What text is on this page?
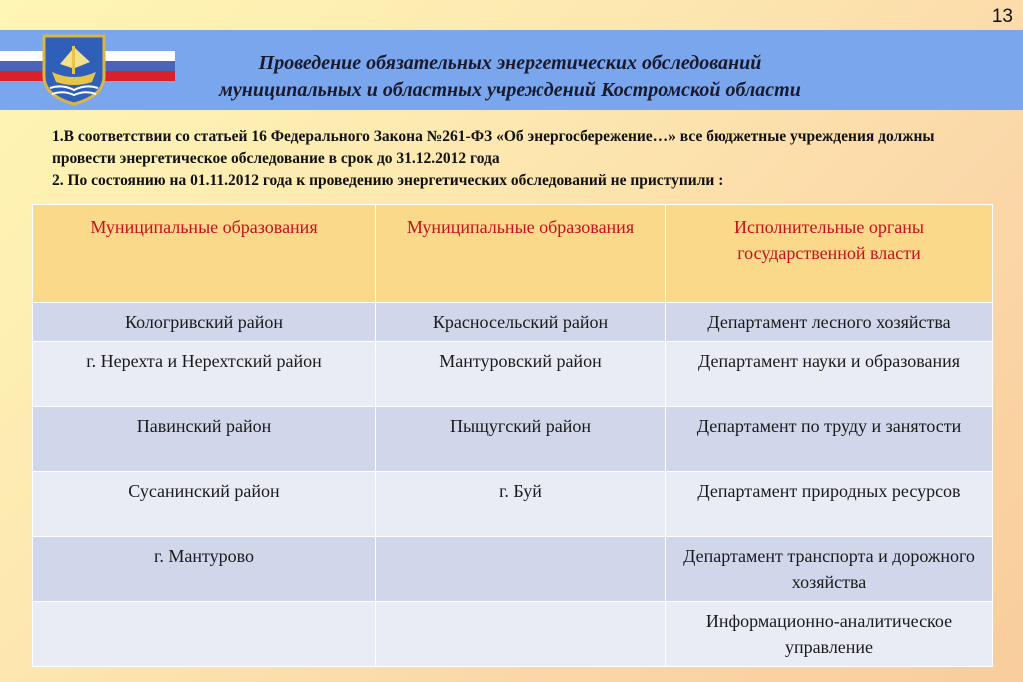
13
Проведение обязательных энергетических обследований
муниципальных и областных учреждений Костромской области

1.В соответствии со статьей 16 Федерального Закона №261-ФЗ «Об энергосбережение…» все бюджетные учреждения должны провести энергетическое обследование в срок до 31.12.2012 года

2. По состоянию на 01.11.2012 года к проведению энергетических обследований не приступили :

Муниципальные образования	Муниципальные образования	Исполнительные органы государственной власти
Кологривский район	Красносельский район	Департамент лесного хозяйства
г. Нерехта и Нерехтский район	Мантуровский район	Департамент науки и образования
Павинский район	Пыщугский район	Департамент по труду и занятости
Сусанинский район	г. Буй	Департамент природных ресурсов
г. Мантурово		Департамент транспорта и дорожного хозяйства
		Информационно-аналитическое управление
